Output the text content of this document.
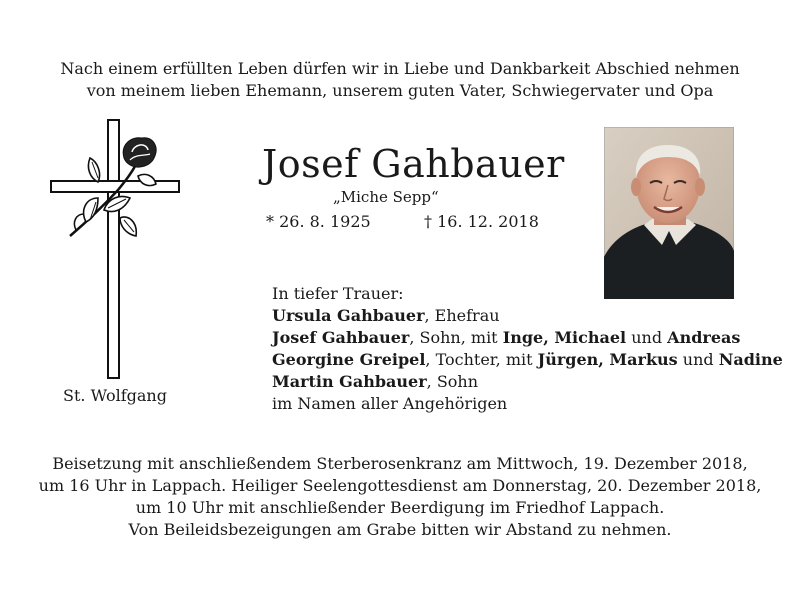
Nach einem erfüllten Leben dürfen wir in Liebe und Dankbarkeit Abschied nehmen
von meinem lieben Ehemann, unserem guten Vater, Schwiegervater und Opa
St. Wolfgang
Josef Gahbauer
„Miche Sepp“
* 26. 8. 1925	† 16. 12. 2018
In tiefer Trauer:
Ursula Gahbauer, Ehefrau
Josef Gahbauer, Sohn, mit Inge, Michael und Andreas
Georgine Greipel, Tochter, mit Jürgen, Markus und Nadine
Martin Gahbauer, Sohn
im Namen aller Angehörigen
Beisetzung mit anschließendem Sterberosenkranz am Mittwoch, 19. Dezember 2018,
um 16 Uhr in Lappach. Heiliger Seelengottesdienst am Donnerstag, 20. Dezember 2018,
um 10 Uhr mit anschließender Beerdigung im Friedhof Lappach.
Von Beileidsbezeigungen am Grabe bitten wir Abstand zu nehmen.
